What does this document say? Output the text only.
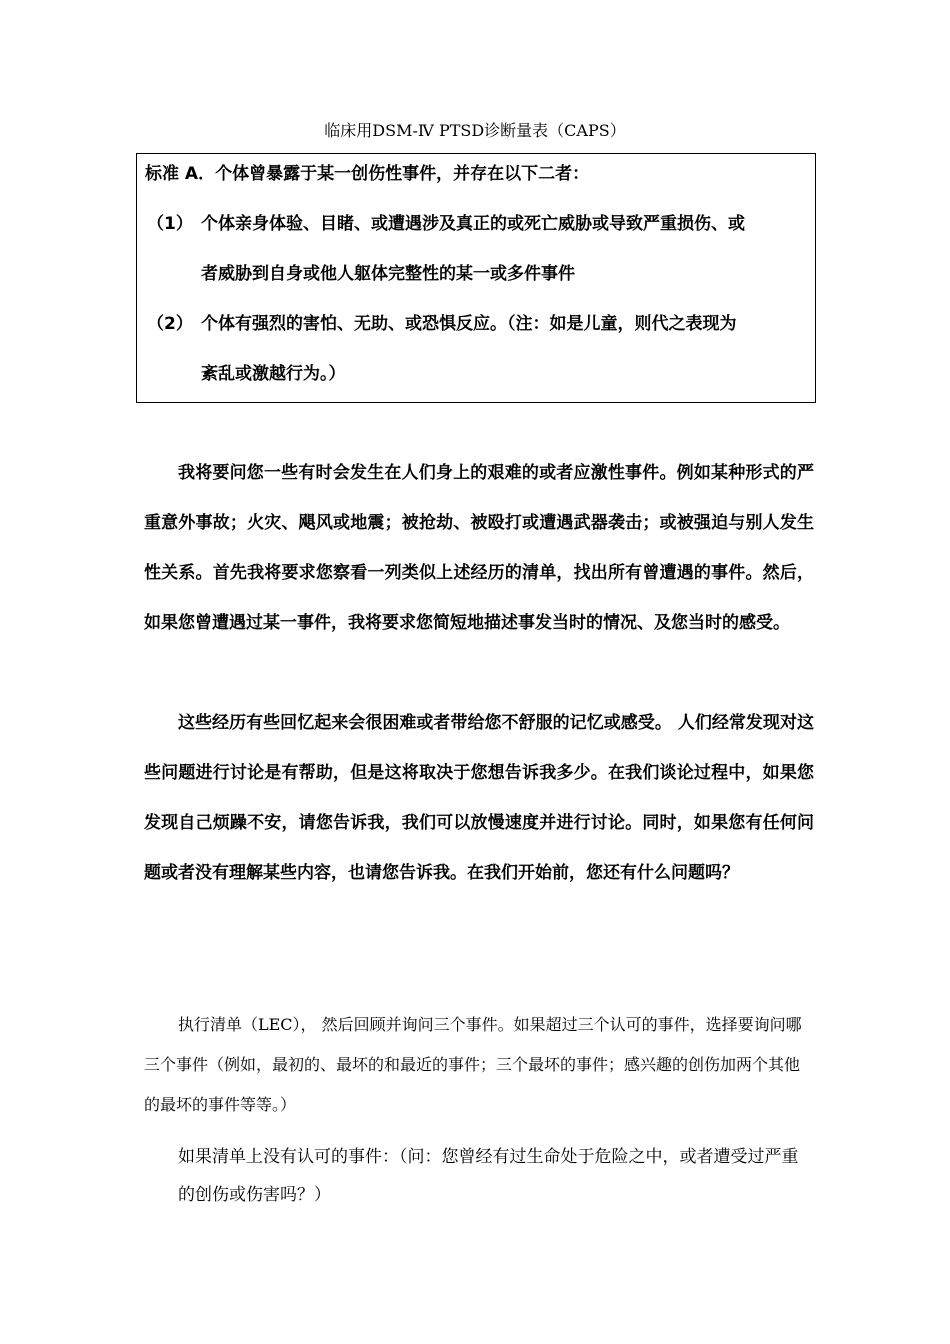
临床用DSM-Ⅳ PTSD诊断量表（CAPS）
标准 A．个体曾暴露于某一创伤性事件，并存在以下二者：
（1） 个体亲身体验、目睹、或遭遇涉及真正的或死亡威胁或导致严重损伤、或
者威胁到自身或他人躯体完整性的某一或多件事件
（2） 个体有强烈的害怕、无助、或恐惧反应。（注：如是儿童，则代之表现为
紊乱或激越行为。）
我将要问您一些有时会发生在人们身上的艰难的或者应激性事件。例如某种形式的严重意外事故；火灾、飓风或地震；被抢劫、被殴打或遭遇武器袭击；或被强迫与别人发生性关系。首先我将要求您察看一列类似上述经历的清单，找出所有曾遭遇的事件。然后，如果您曾遭遇过某一事件，我将要求您简短地描述事发当时的情况、及您当时的感受。
这些经历有些回忆起来会很困难或者带给您不舒服的记忆或感受。 人们经常发现对这些问题进行讨论是有帮助，但是这将取决于您想告诉我多少。在我们谈论过程中，如果您发现自己烦躁不安，请您告诉我，我们可以放慢速度并进行讨论。同时，如果您有任何问题或者没有理解某些内容，也请您告诉我。在我们开始前，您还有什么问题吗？
执行清单（LEC）， 然后回顾并询问三个事件。如果超过三个认可的事件，选择要询问哪三个事件（例如，最初的、最坏的和最近的事件；三个最坏的事件；感兴趣的创伤加两个其他的最坏的事件等等。）
如果清单上没有认可的事件：（问：您曾经有过生命处于危险之中，或者遭受过严重的创伤或伤害吗？）
